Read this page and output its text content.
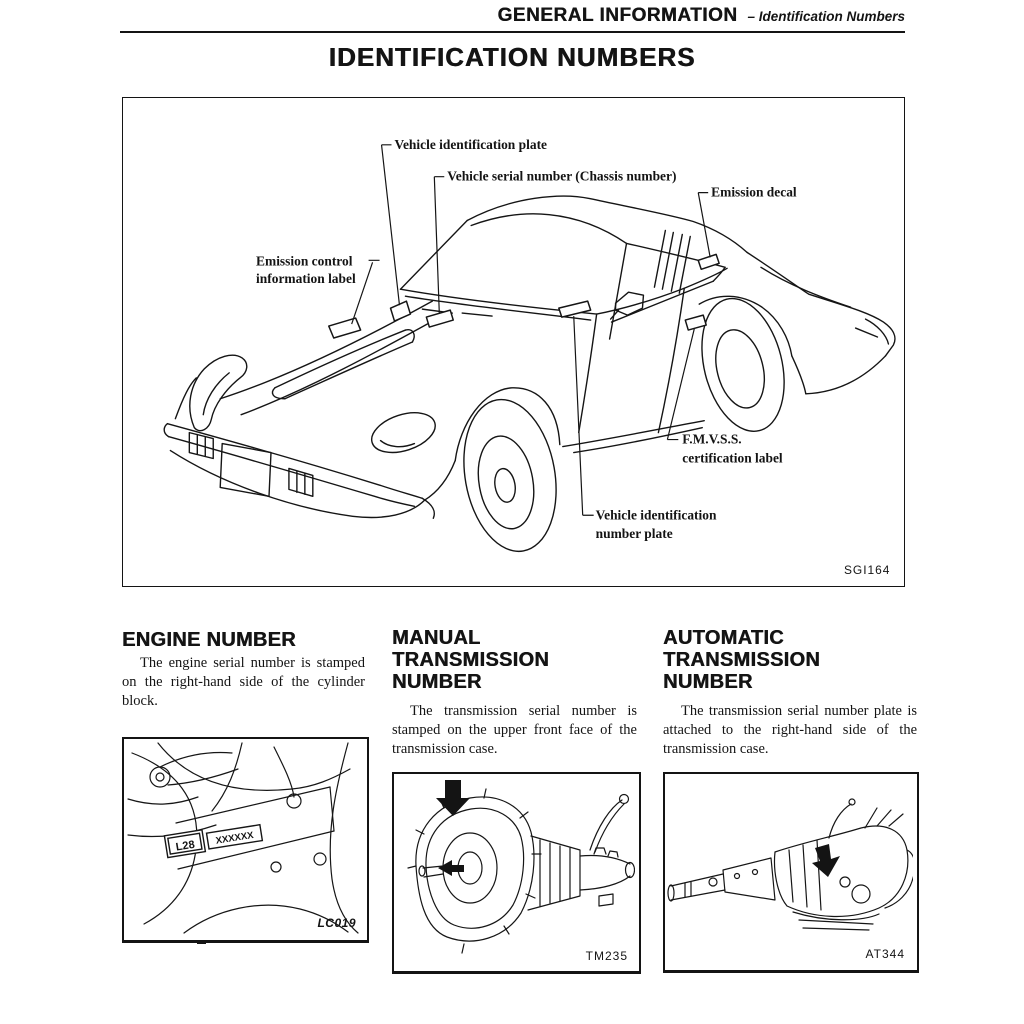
GENERAL INFORMATION – Identification Numbers
IDENTIFICATION NUMBERS
Vehicle identification plate
Vehicle serial number (Chassis number)
Emission decal
Emission control
information label
F.M.V.S.S.
certification label
Vehicle identification
number plate
SGI164
ENGINE NUMBER
The engine serial number is stamped on the right-hand side of the cylinder block.
L28 XXXXXX
LC019
MANUAL
TRANSMISSION
NUMBER
The transmission serial number is stamped on the upper front face of the transmission case.
TM235
AUTOMATIC
TRANSMISSION
NUMBER
The transmission serial number plate is attached to the right-hand side of the transmission case.
AT344
